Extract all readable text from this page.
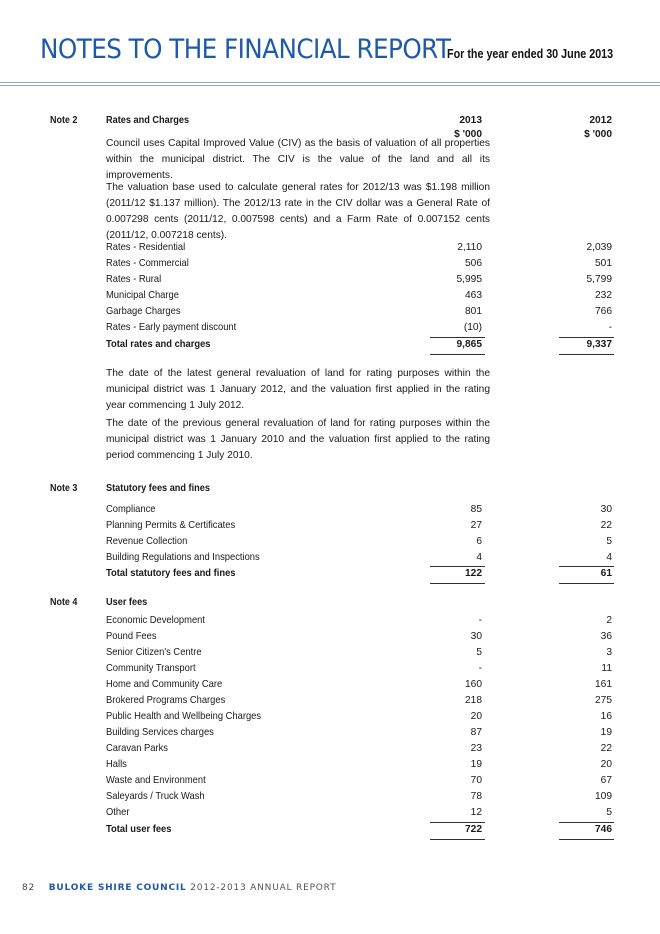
NOTES TO THE FINANCIAL REPORT
For the year ended 30 June 2013
Note 2	Rates and Charges	2013	2012
$ '000	$ '000
Council uses Capital Improved Value (CIV) as the basis of valuation of all properties within the municipal district. The CIV is the value of the land and all its improvements.
The valuation base used to calculate general rates for 2012/13 was $1.198 million (2011/12 $1.137 million). The 2012/13 rate in the CIV dollar was a General Rate of 0.007298 cents (2011/12, 0.007598 cents) and a Farm Rate of 0.007152 cents (2011/12, 0.007218 cents).
Rates - Residential	2,110	2,039
Rates - Commercial	506	501
Rates - Rural	5,995	5,799
Municipal Charge	463	232
Garbage Charges	801	766
Rates - Early payment discount	(10)	-
Total rates and charges	9,865	9,337
The date of the latest general revaluation of land for rating purposes within the municipal district was 1 January 2012, and the valuation first applied in the rating year commencing 1 July 2012.
The date of the previous general revaluation of land for rating purposes within the municipal district was 1 January 2010 and the valuation first applied to the rating period commencing 1 July 2010.
Note 3	Statutory fees and fines
Compliance	85	30
Planning Permits & Certificates	27	22
Revenue Collection	6	5
Building Regulations and Inspections	4	4
Total statutory fees and fines	122	61
Note 4	User fees
Economic Development	-	2
Pound Fees	30	36
Senior Citizen's Centre	5	3
Community Transport	-	11
Home and Community Care	160	161
Brokered Programs Charges	218	275
Public Health and Wellbeing Charges	20	16
Building Services charges	87	19
Caravan Parks	23	22
Halls	19	20
Waste and Environment	70	67
Saleyards / Truck Wash	78	109
Other	12	5
Total user fees	722	746
82 BULOKE SHIRE COUNCIL 2012-2013 ANNUAL REPORT
